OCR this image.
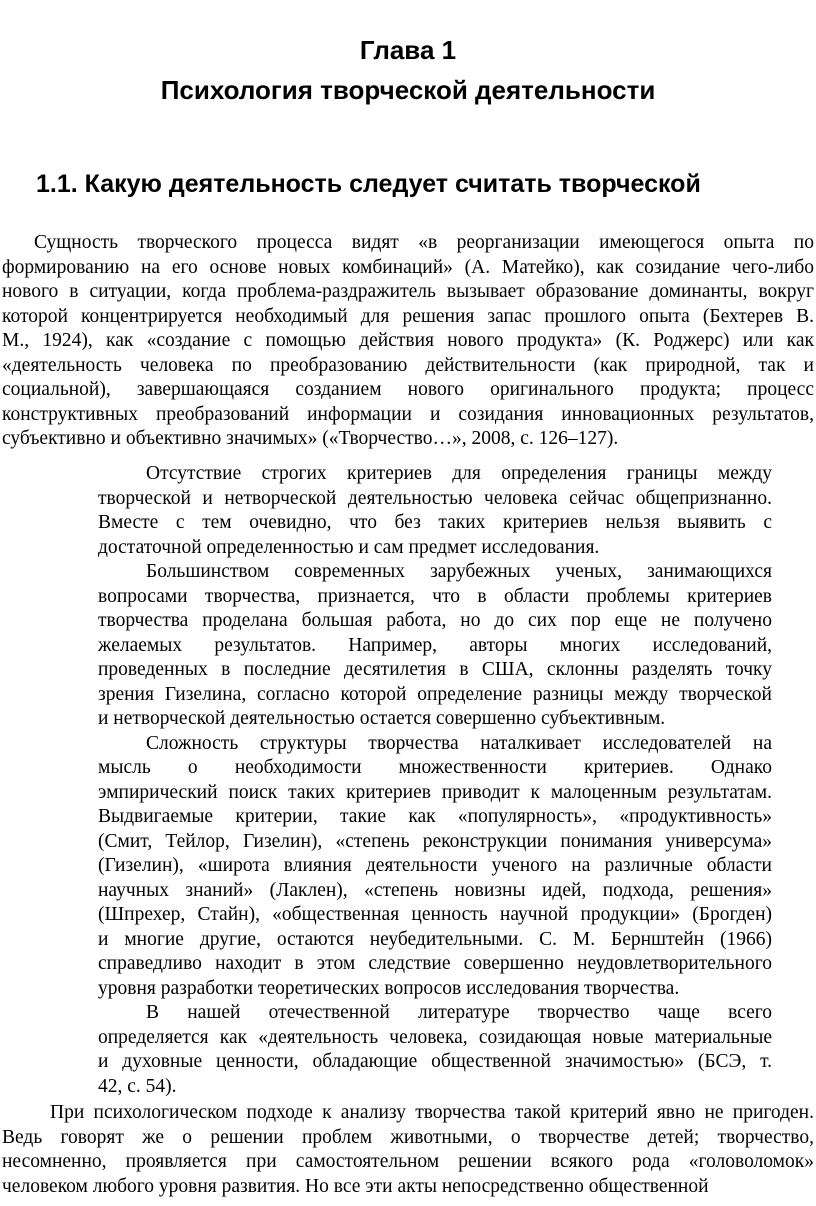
Глава 1
Психология творческой деятельности
1.1. Какую деятельность следует считать творческой
Сущность творческого процесса видят «в реорганизации имеющегося опыта по
формированию на его основе новых комбинаций» (А. Матейко), как созидание чего-либо
нового в ситуации, когда проблема-раздражитель вызывает образование доминанты, вокруг
которой концентрируется необходимый для решения запас прошлого опыта (Бехтерев В.
М., 1924), как «создание с помощью действия нового продукта» (К. Роджерс) или как
«деятельность человека по преобразованию действительности (как природной, так и
социальной), завершающаяся созданием нового оригинального продукта; процесс
конструктивных преобразований информации и созидания инновационных результатов,
субъективно и объективно значимых» («Творчество…», 2008, с. 126–127).
Отсутствие строгих критериев для определения границы между
творческой и нетворческой деятельностью человека сейчас общепризнанно.
Вместе с тем очевидно, что без таких критериев нельзя выявить с
достаточной определенностью и сам предмет исследования.
Большинством современных зарубежных ученых, занимающихся
вопросами творчества, признается, что в области проблемы критериев
творчества проделана большая работа, но до сих пор еще не получено
желаемых результатов. Например, авторы многих исследований,
проведенных в последние десятилетия в США, склонны разделять точку
зрения Гизелина, согласно которой определение разницы между творческой
и нетворческой деятельностью остается совершенно субъективным.
Сложность структуры творчества наталкивает исследователей на
мысль о необходимости множественности критериев. Однако
эмпирический поиск таких критериев приводит к малоценным результатам.
Выдвигаемые критерии, такие как «популярность», «продуктивность»
(Смит, Тейлор, Гизелин), «степень реконструкции понимания универсума»
(Гизелин), «широта влияния деятельности ученого на различные области
научных знаний» (Лаклен), «степень новизны идей, подхода, решения»
(Шпрехер, Стайн), «общественная ценность научной продукции» (Брогден)
и многие другие, остаются неубедительными. С. М. Бернштейн (1966)
справедливо находит в этом следствие совершенно неудовлетворительного
уровня разработки теоретических вопросов исследования творчества.
В нашей отечественной литературе творчество чаще всего
определяется как «деятельность человека, созидающая новые материальные
и духовные ценности, обладающие общественной значимостью» (БСЭ, т.
42, с. 54).
При психологическом подходе к анализу творчества такой критерий явно не пригоден.
Ведь говорят же о решении проблем животными, о творчестве детей; творчество,
несомненно, проявляется при самостоятельном решении всякого рода «головоломок»
человеком любого уровня развития. Но все эти акты непосредственно общественной
